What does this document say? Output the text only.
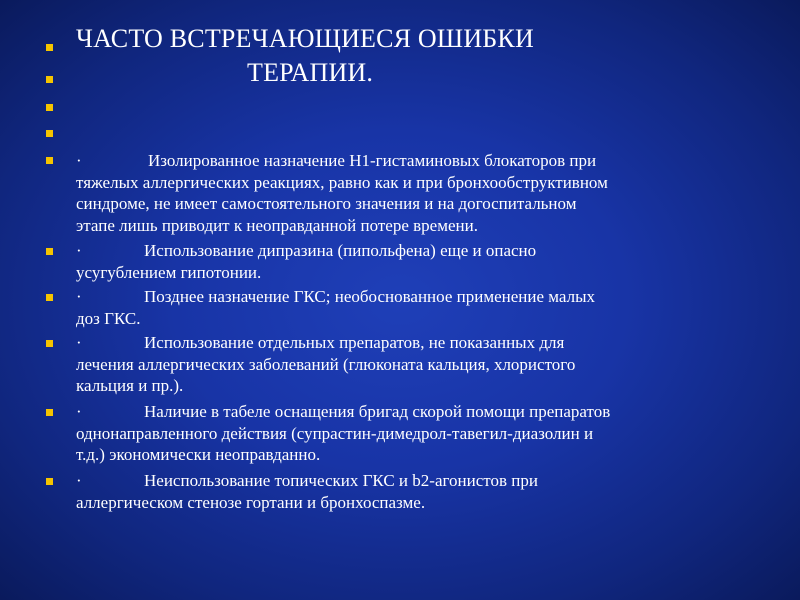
ЧАСТО ВСТРЕЧАЮЩИЕСЯ ОШИБКИ

ТЕРАПИИ.

·	Изолированное назначение Н1-гистаминовых блокаторов при
тяжелых аллергических реакциях, равно как и при бронхообструктивном
синдроме, не имеет самостоятельного значения и на догоспитальном
этапе лишь приводит к неоправданной потере времени.
·	Использование дипразина (пипольфена) еще и опасно
усугублением гипотонии.
·	Позднее назначение ГКС; необоснованное применение малых
доз ГКС.
·	Использование отдельных препаратов, не показанных для
лечения аллергических заболеваний (глюконата кальция, хлористого
кальция и пр.).
·	Наличие в табеле оснащения бригад скорой помощи препаратов
однонаправленного действия (супрастин-димедрол-тавегил-диазолин и
т.д.) экономически неоправданно.
·	Неиспользование топических ГКС и b2-агонистов при
аллергическом стенозе гортани и бронхоспазме.
